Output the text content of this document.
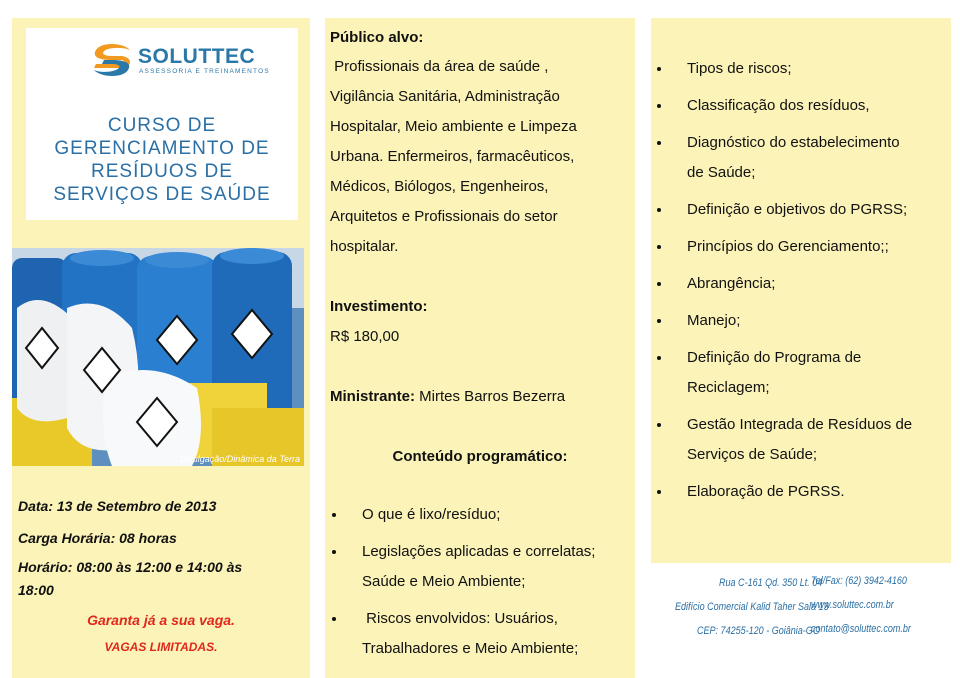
SOLUTTEC
ASSESSORIA E TREINAMENTOS
CURSO DE
GERENCIAMENTO DE
RESÍDUOS DE
SERVIÇOS DE SAÚDE
Divulgação/Dinâmica da Terra
Data: 13 de Setembro de 2013
Carga Horária: 08 horas
Horário: 08:00 às 12:00 e 14:00 às
18:00
Garanta já a sua vaga.
VAGAS LIMITADAS.
Público alvo:
Profissionais da área de saúde ,
Vigilância Sanitária, Administração
Hospitalar, Meio ambiente e Limpeza
Urbana. Enfermeiros, farmacêuticos,
Médicos, Biólogos, Engenheiros,
Arquitetos e Profissionais do setor
hospitalar.
Investimento:
R$ 180,00
Ministrante: Mirtes Barros Bezerra
Conteúdo programático:
O que é lixo/resíduo;
Legislações aplicadas e correlatas;
Saúde e Meio Ambiente;
Riscos envolvidos: Usuários,
Trabalhadores e Meio Ambiente;
Tipos de riscos;
Classificação dos resíduos,
Diagnóstico do estabelecimento
de Saúde;
Definição e objetivos do PGRSS;
Princípios do Gerenciamento;;
Abrangência;
Manejo;
Definição do Programa de
Reciclagem;
Gestão Integrada de Resíduos de
Serviços de Saúde;
Elaboração de PGRSS.
Rua C-161 Qd. 350 Lt. 04
Edifício Comercial Kalid Taher Sala 13
CEP: 74255-120 - Goiânia-GO
Tel/Fax: (62) 3942-4160
www.soluttec.com.br
contato@soluttec.com.br
